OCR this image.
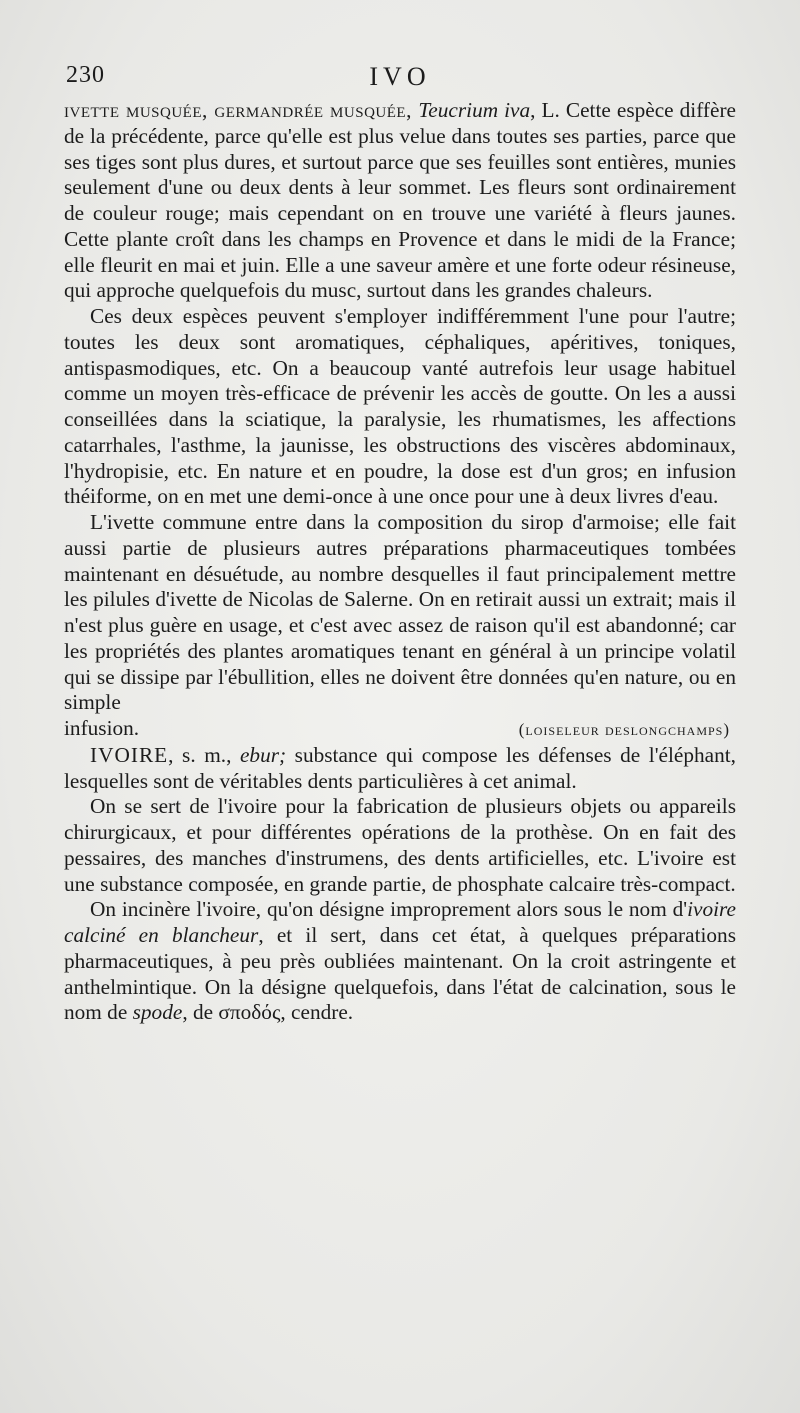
230	IVO

ivette musquée, germandrée musquée, Teucrium iva, L. Cette espèce diffère de la précédente, parce qu'elle est plus velue dans toutes ses parties, parce que ses tiges sont plus dures, et surtout parce que ses feuilles sont entières, munies seulement d'une ou deux dents à leur sommet. Les fleurs sont ordinairement de couleur rouge; mais cependant on en trouve une variété à fleurs jaunes. Cette plante croît dans les champs en Provence et dans le midi de la France; elle fleurit en mai et juin. Elle a une saveur amère et une forte odeur résineuse, qui approche quelquefois du musc, surtout dans les grandes chaleurs.

Ces deux espèces peuvent s'employer indifféremment l'une pour l'autre; toutes les deux sont aromatiques, céphaliques, apéritives, toniques, antispasmodiques, etc. On a beaucoup vanté autrefois leur usage habituel comme un moyen très-efficace de prévenir les accès de goutte. On les a aussi conseillées dans la sciatique, la paralysie, les rhumatismes, les affections catarrhales, l'asthme, la jaunisse, les obstructions des viscères abdominaux, l'hydropisie, etc. En nature et en poudre, la dose est d'un gros; en infusion théiforme, on en met une demi-once à une once pour une à deux livres d'eau.

L'ivette commune entre dans la composition du sirop d'armoise; elle fait aussi partie de plusieurs autres préparations pharmaceutiques tombées maintenant en désuétude, au nombre desquelles il faut principalement mettre les pilules d'ivette de Nicolas de Salerne. On en retirait aussi un extrait; mais il n'est plus guère en usage, et c'est avec assez de raison qu'il est abandonné; car les propriétés des plantes aromatiques tenant en général à un principe volatil qui se dissipe par l'ébullition, elles ne doivent être données qu'en nature, ou en simple

infusion.	(loiseleur deslongchamps)

IVOIRE, s. m., ebur; substance qui compose les défenses de l'éléphant, lesquelles sont de véritables dents particulières à cet animal.

On se sert de l'ivoire pour la fabrication de plusieurs objets ou appareils chirurgicaux, et pour différentes opérations de la prothèse. On en fait des pessaires, des manches d'instrumens, des dents artificielles, etc. L'ivoire est une substance composée, en grande partie, de phosphate calcaire très-compact.

On incinère l'ivoire, qu'on désigne improprement alors sous le nom d'ivoire calciné en blancheur, et il sert, dans cet état, à quelques préparations pharmaceutiques, à peu près oubliées maintenant. On la croit astringente et anthelmintique. On la désigne quelquefois, dans l'état de calcination, sous le nom de spode, de σποδός, cendre.
